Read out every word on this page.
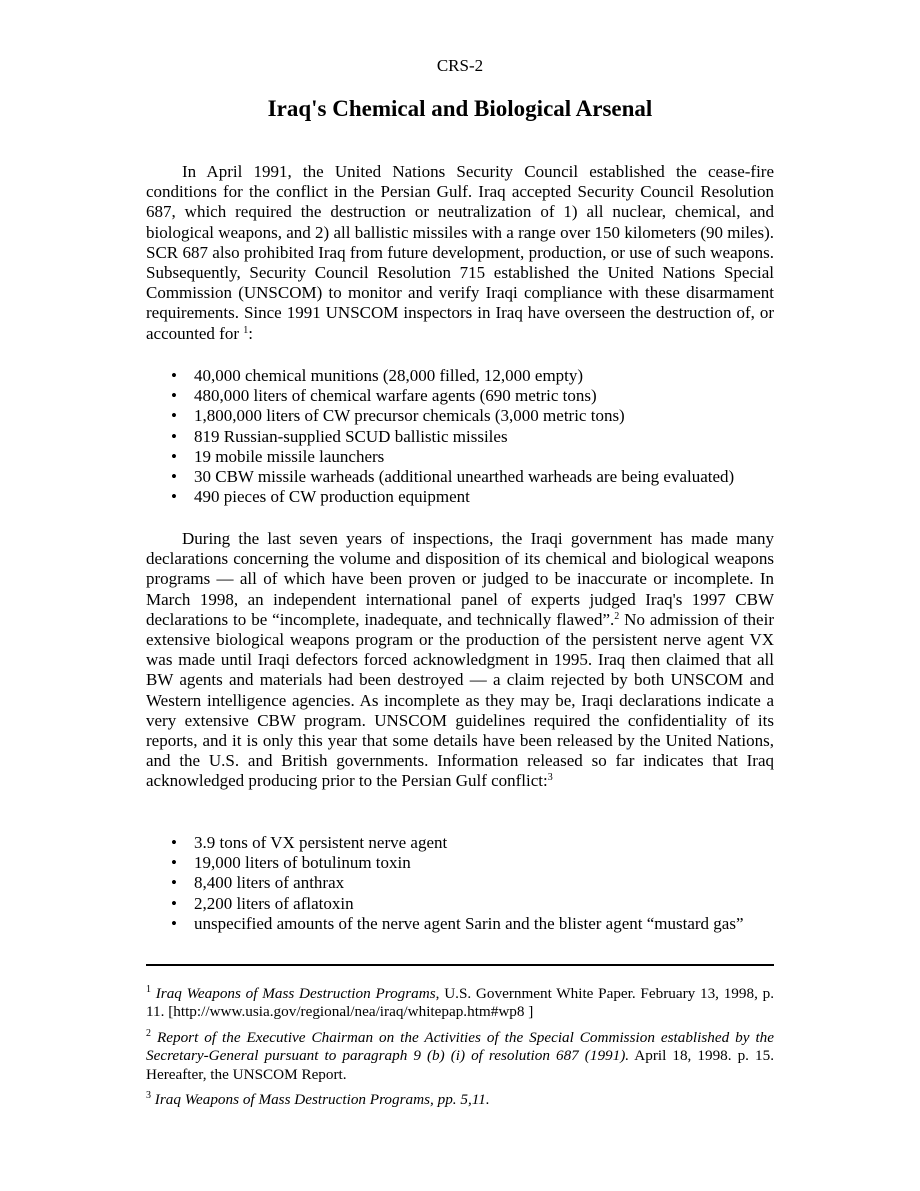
CRS-2
Iraq's Chemical and Biological Arsenal

In April 1991, the United Nations Security Council established the cease-fire conditions for the conflict in the Persian Gulf. Iraq accepted Security Council Resolution 687, which required the destruction or neutralization of 1) all nuclear, chemical, and biological weapons, and 2) all ballistic missiles with a range over 150 kilometers (90 miles). SCR 687 also prohibited Iraq from future development, production, or use of such weapons. Subsequently, Security Council Resolution 715 established the United Nations Special Commission (UNSCOM) to monitor and verify Iraqi compliance with these disarmament requirements. Since 1991 UNSCOM inspectors in Iraq have overseen the destruction of, or accounted for $^1$:

• 40,000 chemical munitions (28,000 filled, 12,000 empty)
• 480,000 liters of chemical warfare agents (690 metric tons)
• 1,800,000 liters of CW precursor chemicals (3,000 metric tons)
• 819 Russian-supplied SCUD ballistic missiles
• 19 mobile missile launchers
• 30 CBW missile warheads (additional unearthed warheads are being evaluated)
• 490 pieces of CW production equipment

During the last seven years of inspections, the Iraqi government has made many declarations concerning the volume and disposition of its chemical and biological weapons programs — all of which have been proven or judged to be inaccurate or incomplete. In March 1998, an independent international panel of experts judged Iraq's 1997 CBW declarations to be “incomplete, inadequate, and technically flawed”.$^2$ No admission of their extensive biological weapons program or the production of the persistent nerve agent VX was made until Iraqi defectors forced acknowledgment in 1995. Iraq then claimed that all BW agents and materials had been destroyed — a claim rejected by both UNSCOM and Western intelligence agencies. As incomplete as they may be, Iraqi declarations indicate a very extensive CBW program. UNSCOM guidelines required the confidentiality of its reports, and it is only this year that some details have been released by the United Nations, and the U.S. and British governments. Information released so far indicates that Iraq acknowledged producing prior to the Persian Gulf conflict:$^3$

• 3.9 tons of VX persistent nerve agent
• 19,000 liters of botulinum toxin
• 8,400 liters of anthrax
• 2,200 liters of aflatoxin
• unspecified amounts of the nerve agent Sarin and the blister agent “mustard gas”

$^1$ Iraq Weapons of Mass Destruction Programs, U.S. Government White Paper. February 13, 1998, p. 11. [http://www.usia.gov/regional/nea/iraq/whitepap.htm#wp8 ]

$^2$ Report of the Executive Chairman on the Activities of the Special Commission established by the Secretary-General pursuant to paragraph 9 (b) (i) of resolution 687 (1991). April 18, 1998. p. 15. Hereafter, the UNSCOM Report.

$^3$ Iraq Weapons of Mass Destruction Programs, pp. 5,11.
